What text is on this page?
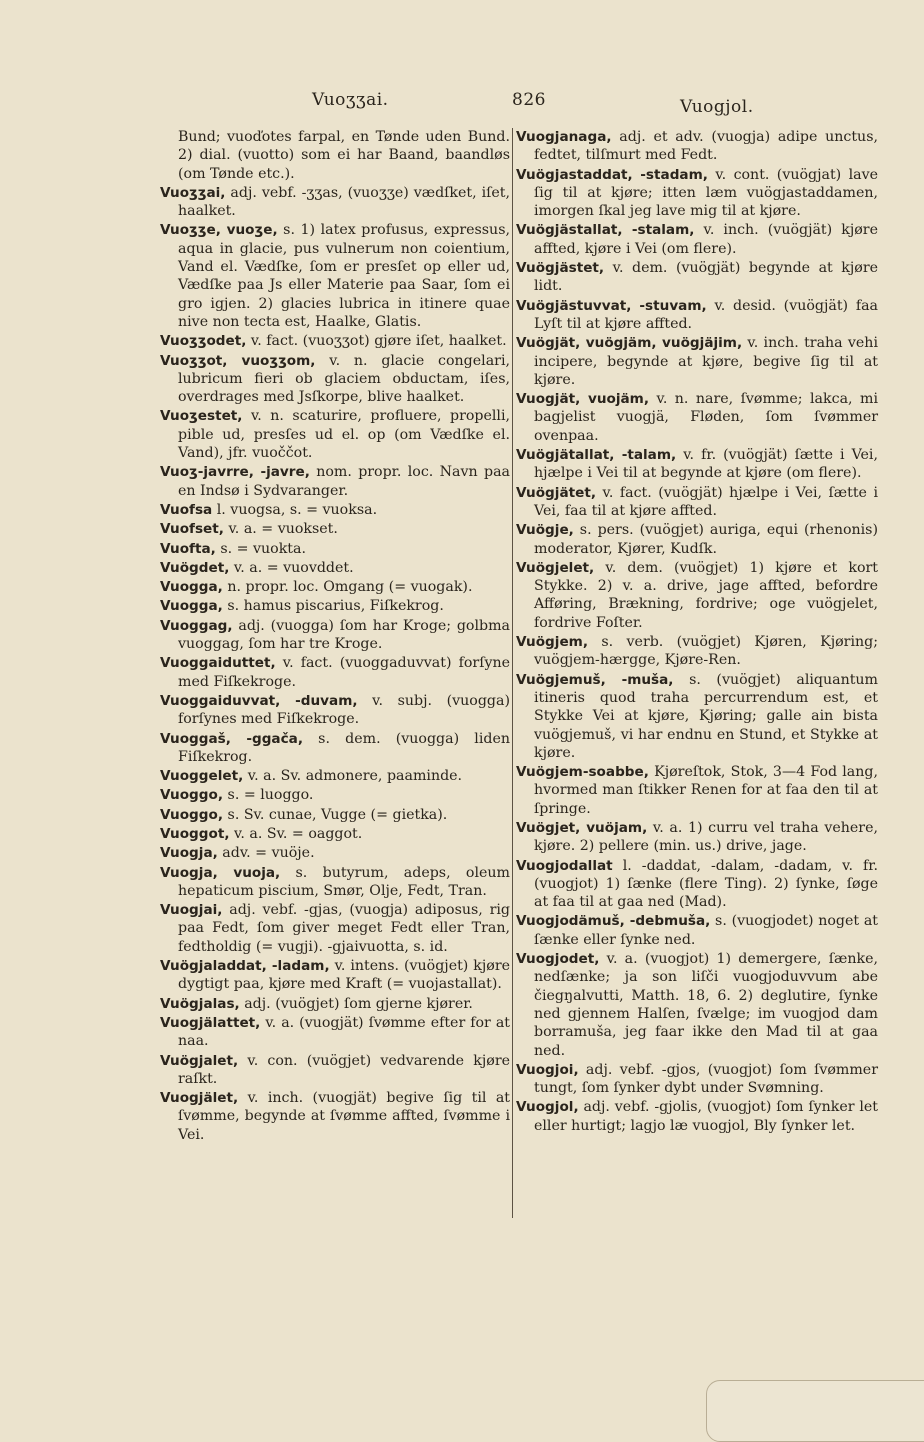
Vuoʒʒai.	826	Vuogjol.

Bund; vuoďotes farpal, en Tønde uden Bund. 2) dial. (vuotto) som ei har Baand, baandløs (om Tønde etc.).

Vuoʒʒai, adj. vebf. -ʒʒas, (vuoʒʒe) vædſket, iſet, haalket.

Vuoʒʒe, vuoʒe, s. 1) latex profusus, expressus, aqua in glacie, pus vulnerum non coientium, Vand el. Vædſke, ſom er presſet op eller ud, Vædſke paa Js eller Materie paa Saar, ſom ei gro igjen. 2) glacies lubrica in itinere quae nive non tecta est, Haalke, Glatis.

Vuoʒʒodet, v. fact. (vuoʒʒot) gjøre iſet, haalket.

Vuoʒʒot, vuoʒʒom, v. n. glacie congelari, lubricum fieri ob glaciem obductam, iſes, overdrages med Jsſkorpe, blive haalket.

Vuoʒestet, v. n. scaturire, profluere, propelli, pible ud, presſes ud el. op (om Vædſke el. Vand), jfr. vuoččot.

Vuoʒ-javrre, -javre, nom. propr. loc. Navn paa en Indsø i Sydvaranger.

Vuofsa l. vuogsa, s. = vuoksa.

Vuofset, v. a. = vuokset.

Vuofta, s. = vuokta.

Vuögdet, v. a. = vuovddet.

Vuogga, n. propr. loc. Omgang (= vuogak).

Vuogga, s. hamus piscarius, Fiſkekrog.

Vuoggag, adj. (vuogga) ſom har Kroge; golbma vuoggag, ſom har tre Kroge.

Vuoggaiduttet, v. fact. (vuoggaduvvat) forſyne med Fiſkekroge.

Vuoggaiduvvat, -duvam, v. subj. (vuogga) forſynes med Fiſkekroge.

Vuoggaš, -ggača, s. dem. (vuogga) liden Fiſkekrog.

Vuoggelet, v. a. Sv. admonere, paaminde.

Vuoggo, s. = luoggo.

Vuoggo, s. Sv. cunae, Vugge (= gietka).

Vuoggot, v. a. Sv. = oaggot.

Vuogja, adv. = vuöje.

Vuogja, vuoja, s. butyrum, adeps, oleum hepaticum piscium, Smør, Olje, Fedt, Tran.

Vuogjai, adj. vebf. -gjas, (vuogja) adiposus, rig paa Fedt, ſom giver meget Fedt eller Tran, fedtholdig (= vugji). -gjaivuotta, s. id.

Vuögjaladdat, -ladam, v. intens. (vuögjet) kjøre dygtigt paa, kjøre med Kraft (= vuojastallat).

Vuögjalas, adj. (vuögjet) ſom gjerne kjører.

Vuogjälattet, v. a. (vuogjät) ſvømme efter for at naa.

Vuögjalet, v. con. (vuögjet) vedvarende kjøre raſkt.

Vuogjälet, v. inch. (vuogjät) begive ſig til at ſvømme, begynde at ſvømme affted, ſvømme i Vei.

Vuogjanaga, adj. et adv. (vuogja) adipe unctus, fedtet, tilſmurt med Fedt.

Vuögjastaddat, -stadam, v. cont. (vuögjat) lave ſig til at kjøre; itten læm vuögjastaddamen, imorgen ſkal jeg lave mig til at kjøre.

Vuögjästallat, -stalam, v. inch. (vuögjät) kjøre affted, kjøre i Vei (om flere).

Vuögjästet, v. dem. (vuögjät) begynde at kjøre lidt.

Vuögjästuvvat, -stuvam, v. desid. (vuögjät) faa Lyſt til at kjøre affted.

Vuögjät, vuögjäm, vuögjäjim, v. inch. traha vehi incipere, begynde at kjøre, begive ſig til at kjøre.

Vuogjät, vuojäm, v. n. nare, ſvømme; lakca, mi bagjelist vuogjä, Fløden, ſom ſvømmer ovenpaa.

Vuögjätallat, -talam, v. fr. (vuögjät) ſætte i Vei, hjælpe i Vei til at begynde at kjøre (om flere).

Vuögjätet, v. fact. (vuögjät) hjælpe i Vei, ſætte i Vei, faa til at kjøre affted.

Vuögje, s. pers. (vuögjet) auriga, equi (rhenonis) moderator, Kjører, Kudſk.

Vuögjelet, v. dem. (vuögjet) 1) kjøre et kort Stykke. 2) v. a. drive, jage affted, befordre Afføring, Brækning, fordrive; oge vuögjelet, fordrive Foſter.

Vuögjem, s. verb. (vuögjet) Kjøren, Kjøring; vuögjem-hærgge, Kjøre-Ren.

Vuögjemuš, -muša, s. (vuögjet) aliquantum itineris quod traha percurrendum est, et Stykke Vei at kjøre, Kjøring; galle ain bista vuögjemuš, vi har endnu en Stund, et Stykke at kjøre.

Vuögjem-soabbe, Kjøreſtok, Stok, 3—4 Fod lang, hvormed man ſtikker Renen for at faa den til at ſpringe.

Vuögjet, vuöjam, v. a. 1) curru vel traha vehere, kjøre. 2) pellere (min. us.) drive, jage.

Vuogjodallat l. -daddat, -dalam, -dadam, v. fr. (vuogjot) 1) ſænke (flere Ting). 2) ſynke, ſøge at faa til at gaa ned (Mad).

Vuogjodämuš, -debmuša, s. (vuogjodet) noget at ſænke eller ſynke ned.

Vuogjodet, v. a. (vuogjot) 1) demergere, ſænke, nedſænke; ja son liſči vuogjoduvvum abe čiegŋalvutti, Matth. 18, 6. 2) deglutire, ſynke ned gjennem Halſen, ſvælge; im vuogjod dam borramuša, jeg faar ikke den Mad til at gaa ned.

Vuogjoi, adj. vebf. -gjos, (vuogjot) ſom ſvømmer tungt, ſom ſynker dybt under Svømning.

Vuogjol, adj. vebf. -gjolis, (vuogjot) ſom ſynker let eller hurtigt; lagjo læ vuogjol, Bly ſynker let.
